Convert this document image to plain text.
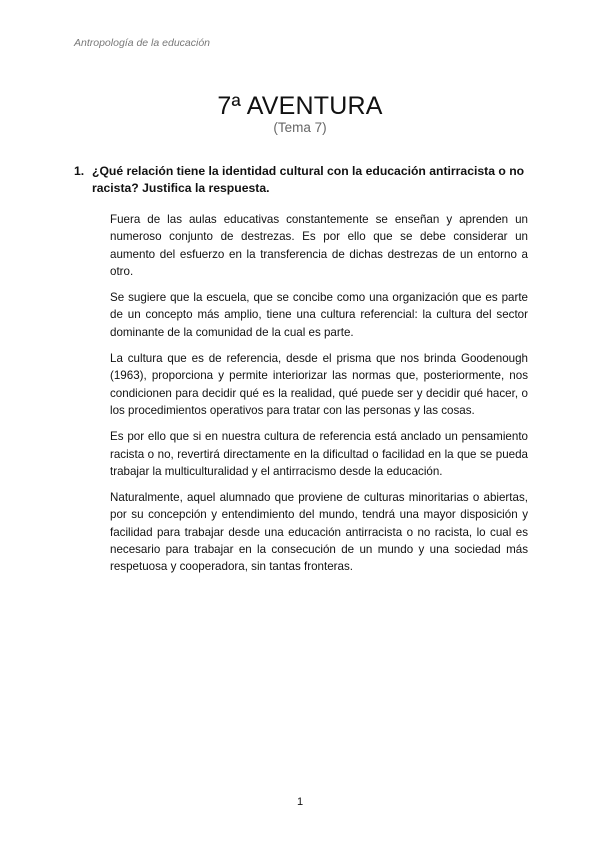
Antropología de la educación
7ª AVENTURA
(Tema 7)
1. ¿Qué relación tiene la identidad cultural con la educación antirracista o no racista? Justifica la respuesta.

Fuera de las aulas educativas constantemente se enseñan y aprenden un numeroso conjunto de destrezas. Es por ello que se debe considerar un aumento del esfuerzo en la transferencia de dichas destrezas de un entorno a otro.

Se sugiere que la escuela, que se concibe como una organización que es parte de un concepto más amplio, tiene una cultura referencial: la cultura del sector dominante de la comunidad de la cual es parte.

La cultura que es de referencia, desde el prisma que nos brinda Goodenough (1963), proporciona y permite interiorizar las normas que, posteriormente, nos condicionen para decidir qué es la realidad, qué puede ser y decidir qué hacer, o los procedimientos operativos para tratar con las personas y las cosas.

Es por ello que si en nuestra cultura de referencia está anclado un pensamiento racista o no, revertirá directamente en la dificultad o facilidad en la que se pueda trabajar la multiculturalidad y el antirracismo desde la educación.

Naturalmente, aquel alumnado que proviene de culturas minoritarias o abiertas, por su concepción y entendimiento del mundo, tendrá una mayor disposición y facilidad para trabajar desde una educación antirracista o no racista, lo cual es necesario para trabajar en la consecución de un mundo y una sociedad más respetuosa y cooperadora, sin tantas fronteras.

1
